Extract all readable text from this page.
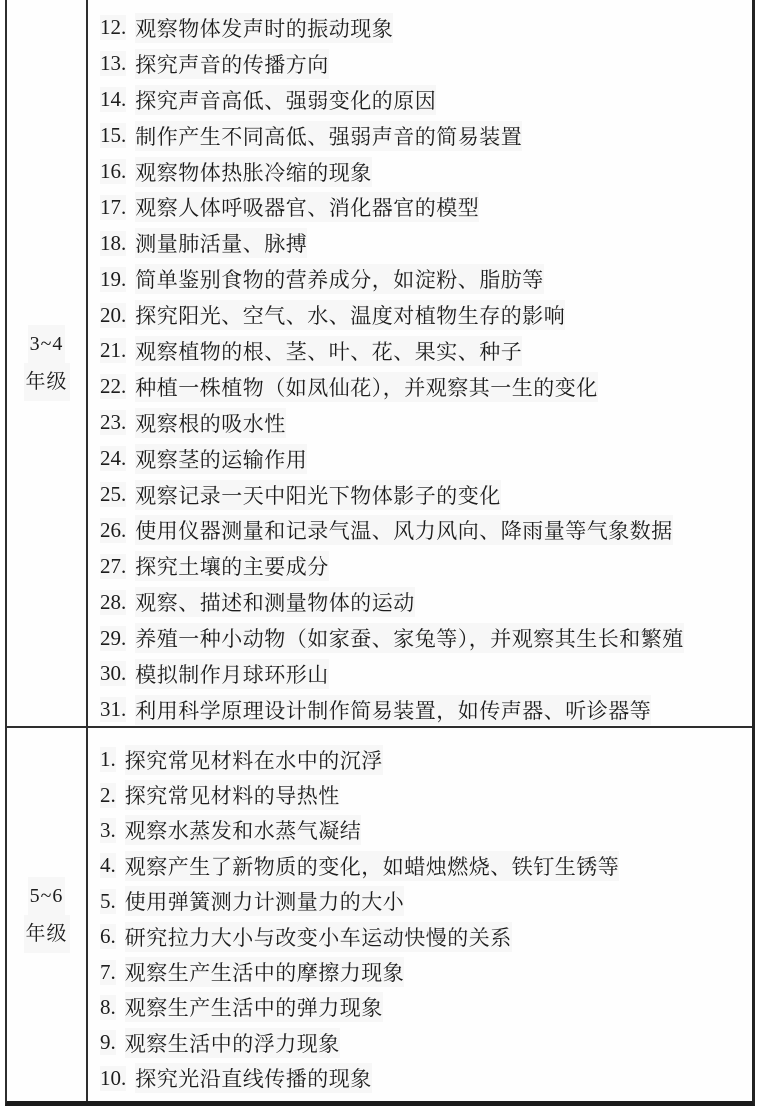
3~4
年级
12. 观察物体发声时的振动现象
13. 探究声音的传播方向
14. 探究声音高低、强弱变化的原因
15. 制作产生不同高低、强弱声音的简易装置
16. 观察物体热胀冷缩的现象
17. 观察人体呼吸器官、消化器官的模型
18. 测量肺活量、脉搏
19. 简单鉴别食物的营养成分，如淀粉、脂肪等
20. 探究阳光、空气、水、温度对植物生存的影响
21. 观察植物的根、茎、叶、花、果实、种子
22. 种植一株植物（如凤仙花），并观察其一生的变化
23. 观察根的吸水性
24. 观察茎的运输作用
25. 观察记录一天中阳光下物体影子的变化
26. 使用仪器测量和记录气温、风力风向、降雨量等气象数据
27. 探究土壤的主要成分
28. 观察、描述和测量物体的运动
29. 养殖一种小动物（如家蚕、家兔等），并观察其生长和繁殖
30. 模拟制作月球环形山
31. 利用科学原理设计制作简易装置，如传声器、听诊器等
5~6
年级
1. 探究常见材料在水中的沉浮
2. 探究常见材料的导热性
3. 观察水蒸发和水蒸气凝结
4. 观察产生了新物质的变化，如蜡烛燃烧、铁钉生锈等
5. 使用弹簧测力计测量力的大小
6. 研究拉力大小与改变小车运动快慢的关系
7. 观察生产生活中的摩擦力现象
8. 观察生产生活中的弹力现象
9. 观察生活中的浮力现象
10. 探究光沿直线传播的现象
